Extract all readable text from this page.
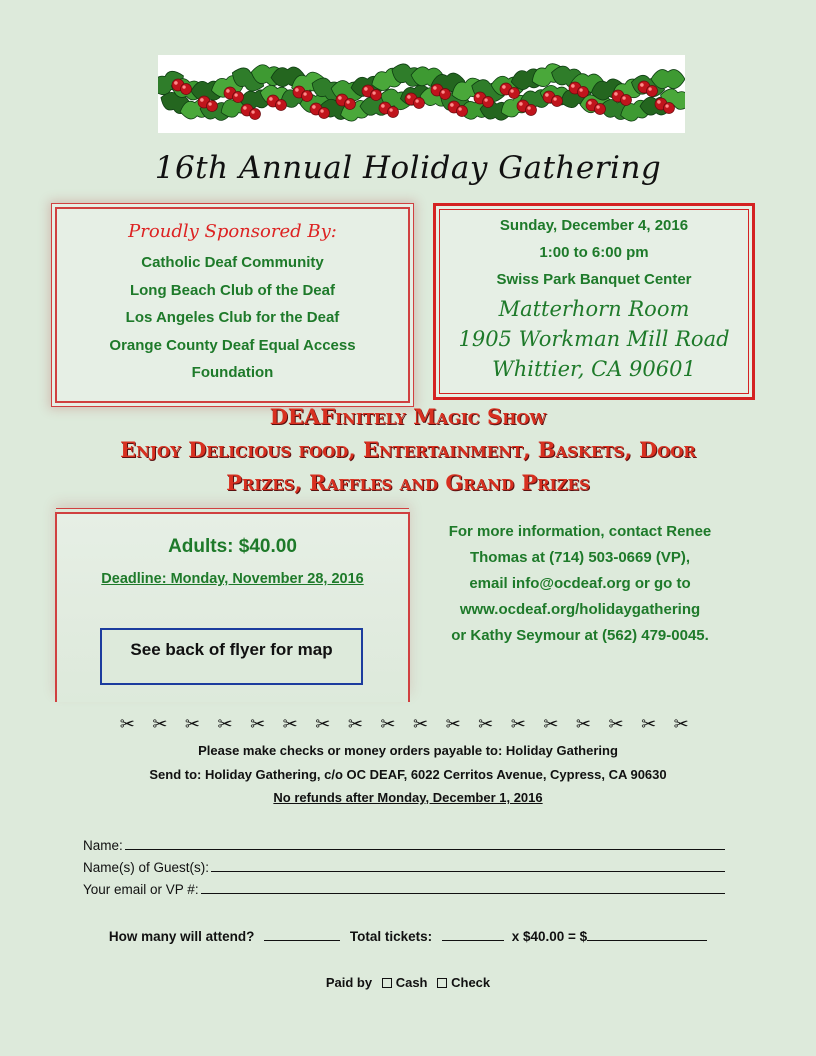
16th Annual Holiday Gathering
Proudly Sponsored By:
Catholic Deaf Community
Long Beach Club of the Deaf
Los Angeles Club for the Deaf
Orange County Deaf Equal Access
Foundation
Sunday, December 4, 2016
1:00 to 6:00 pm
Swiss Park Banquet Center
Matterhorn Room
1905 Workman Mill Road
Whittier, CA 90601
DEAFinitely Magic Show
Enjoy Delicious food, Entertainment, Baskets, Door
Prizes, Raffles and Grand Prizes
Adults: $40.00
Deadline: Monday, November 28, 2016
See back of flyer for map
For more information, contact Renee
Thomas at (714) 503-0669 (VP),
email info@ocdeaf.org or go to
www.ocdeaf.org/holidaygathering
or Kathy Seymour at (562) 479-0045.
✂✂✂✂✂✂✂✂✂✂✂✂✂✂✂✂✂✂
Please make checks or money orders payable to: Holiday Gathering
Send to: Holiday Gathering, c/o OC DEAF, 6022 Cerritos Avenue, Cypress, CA 90630
No refunds after Monday, December 1, 2016
Name:
Name(s) of Guest(s):
Your email or VP #:
How many will attend?	Total tickets:	x $40.00 = $
Paid by Cash Check
